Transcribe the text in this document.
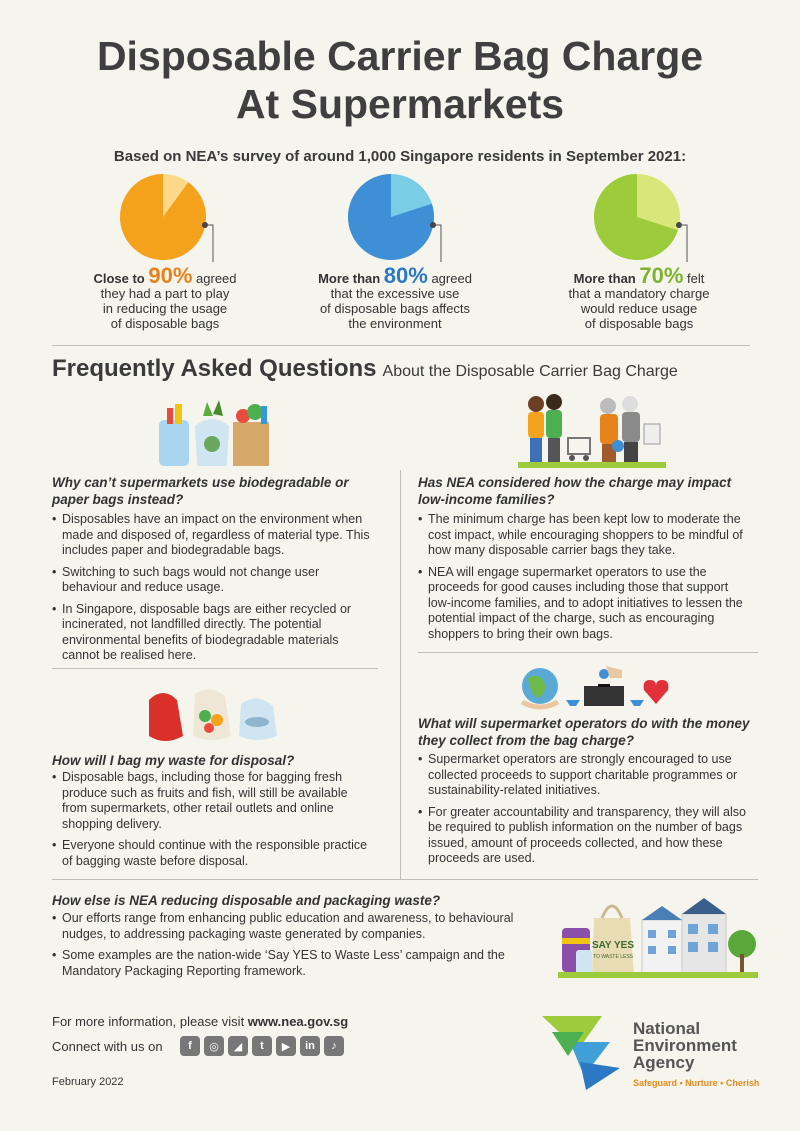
Disposable Carrier Bag Charge
At Supermarkets
Based on NEA’s survey of around 1,000 Singapore residents in September 2021:
Close to 90% agreed
they had a part to play
in reducing the usage
of disposable bags
More than 80% agreed
that the excessive use
of disposable bags affects
the environment
More than 70% felt
that a mandatory charge
would reduce usage
of disposable bags
Frequently Asked Questions About the Disposable Carrier Bag Charge
Why can’t supermarkets use biodegradable or paper bags instead?
• Disposables have an impact on the environment when made and disposed of, regardless of material type. This includes paper and biodegradable bags.
• Switching to such bags would not change user behaviour and reduce usage.
• In Singapore, disposable bags are either recycled or incinerated, not landfilled directly. The potential environmental benefits of biodegradable materials cannot be realised here.
Has NEA considered how the charge may impact low-income families?
• The minimum charge has been kept low to moderate the cost impact, while encouraging shoppers to be mindful of how many disposable carrier bags they take.
• NEA will engage supermarket operators to use the proceeds for good causes including those that support low-income families, and to adopt initiatives to lessen the potential impact of the charge, such as encouraging shoppers to bring their own bags.
How will I bag my waste for disposal?
• Disposable bags, including those for bagging fresh produce such as fruits and fish, will still be available from supermarkets, other retail outlets and online shopping delivery.
• Everyone should continue with the responsible practice of bagging waste before disposal.
What will supermarket operators do with the money they collect from the bag charge?
• Supermarket operators are strongly encouraged to use collected proceeds to support charitable programmes or sustainability-related initiatives.
• For greater accountability and transparency, they will also be required to publish information on the number of bags issued, amount of proceeds collected, and how these proceeds are used.
How else is NEA reducing disposable and packaging waste?
• Our efforts range from enhancing public education and awareness, to behavioural nudges, to addressing packaging waste generated by companies.
• Some examples are the nation-wide ‘Say YES to Waste Less’ campaign and the Mandatory Packaging Reporting framework.
SAY YES
TO WASTE LESS
For more information, please visit www.nea.gov.sg
Connect with us on	f	◎	◢	t	▶	in	♪
February 2022
National
Environment
Agency
Safeguard • Nurture • Cherish
